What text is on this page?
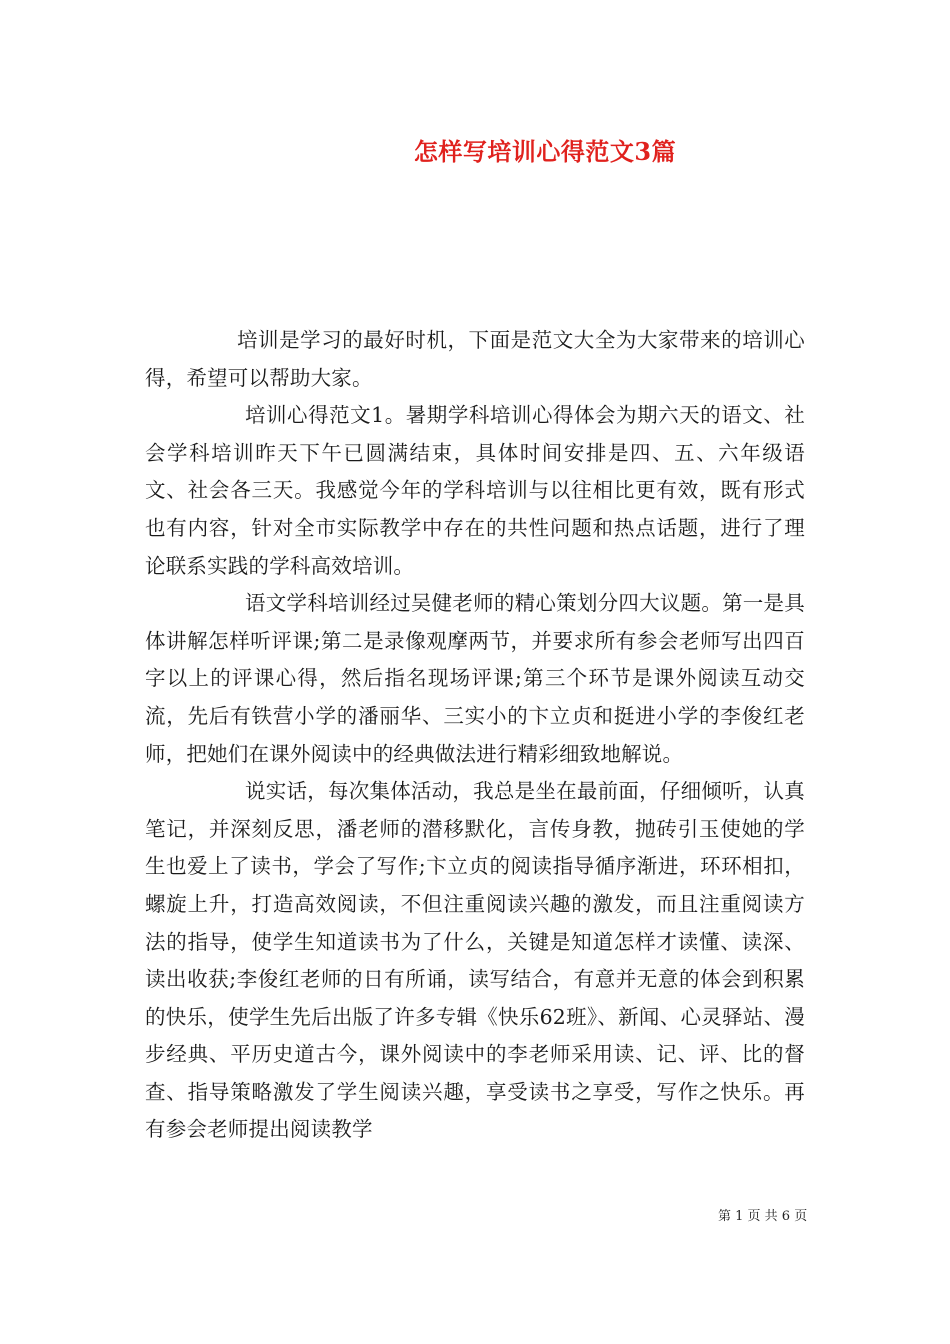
怎样写培训心得范文3篇

培训是学习的最好时机，下面是范文大全为大家带来的培训心得，希望可以帮助大家。

培训心得范文1。暑期学科培训心得体会为期六天的语文、社会学科培训昨天下午已圆满结束，具体时间安排是四、五、六年级语文、社会各三天。我感觉今年的学科培训与以往相比更有效，既有形式也有内容，针对全市实际教学中存在的共性问题和热点话题，进行了理论联系实践的学科高效培训。

语文学科培训经过吴健老师的精心策划分四大议题。第一是具体讲解怎样听评课;第二是录像观摩两节，并要求所有参会老师写出四百字以上的评课心得，然后指名现场评课;第三个环节是课外阅读互动交流，先后有铁营小学的潘丽华、三实小的卞立贞和挺进小学的李俊红老师，把她们在课外阅读中的经典做法进行精彩细致地解说。

说实话，每次集体活动，我总是坐在最前面，仔细倾听，认真笔记，并深刻反思，潘老师的潜移默化，言传身教，抛砖引玉使她的学生也爱上了读书，学会了写作;卞立贞的阅读指导循序渐进，环环相扣，螺旋上升，打造高效阅读，不但注重阅读兴趣的激发，而且注重阅读方法的指导，使学生知道读书为了什么，关键是知道怎样才读懂、读深、读出收获;李俊红老师的日有所诵，读写结合，有意并无意的体会到积累的快乐，使学生先后出版了许多专辑《快乐62班》、新闻、心灵驿站、漫步经典、平历史道古今，课外阅读中的李老师采用读、记、评、比的督查、指导策略激发了学生阅读兴趣，享受读书之享受，写作之快乐。再有参会老师提出阅读教学

第 1 页 共 6 页
